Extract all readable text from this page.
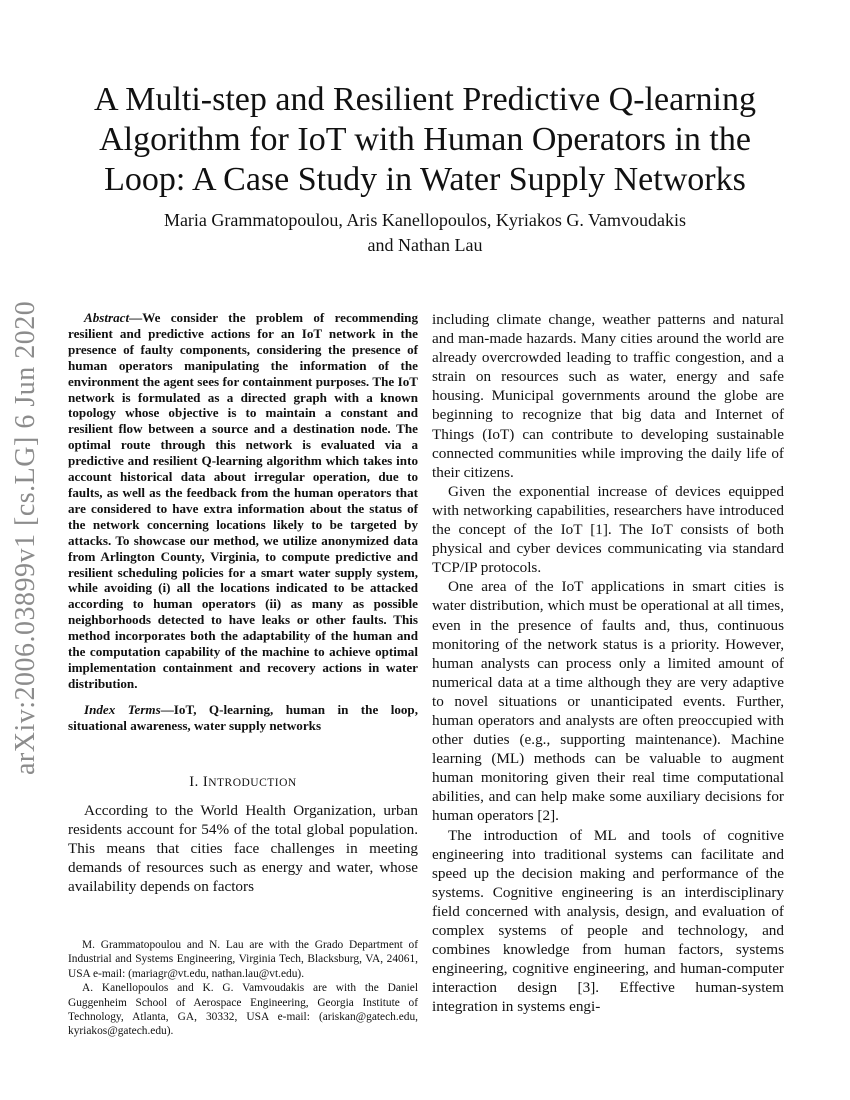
arXiv:2006.03899v1 [cs.LG] 6 Jun 2020
A Multi-step and Resilient Predictive Q-learning
Algorithm for IoT with Human Operators in the
Loop: A Case Study in Water Supply Networks
Maria Grammatopoulou, Aris Kanellopoulos, Kyriakos G. Vamvoudakis
and Nathan Lau

Abstract—We consider the problem of recommending resilient and predictive actions for an IoT network in the presence of faulty components, considering the presence of human operators manipulating the information of the environment the agent sees for containment purposes. The IoT network is formulated as a directed graph with a known topology whose objective is to maintain a constant and resilient flow between a source and a destination node. The optimal route through this network is evaluated via a predictive and resilient Q-learning algorithm which takes into account historical data about irregular operation, due to faults, as well as the feedback from the human operators that are considered to have extra information about the status of the network concerning locations likely to be targeted by attacks. To showcase our method, we utilize anonymized data from Arlington County, Virginia, to compute predictive and resilient scheduling policies for a smart water supply system, while avoiding (i) all the locations indicated to be attacked according to human operators (ii) as many as possible neighborhoods detected to have leaks or other faults. This method incorporates both the adaptability of the human and the computation capability of the machine to achieve optimal implementation containment and recovery actions in water distribution.

Index Terms—IoT, Q-learning, human in the loop, situational awareness, water supply networks

I. INTRODUCTION

According to the World Health Organization, urban residents account for 54% of the total global population. This means that cities face challenges in meeting demands of resources such as energy and water, whose availability depends on factors

M. Grammatopoulou and N. Lau are with the Grado Department of Industrial and Systems Engineering, Virginia Tech, Blacksburg, VA, 24061, USA e-mail: (mariagr@vt.edu, nathan.lau@vt.edu).

A. Kanellopoulos and K. G. Vamvoudakis are with the Daniel Guggenheim School of Aerospace Engineering, Georgia Institute of Technology, Atlanta, GA, 30332, USA e-mail: (ariskan@gatech.edu, kyriakos@gatech.edu).

including climate change, weather patterns and natural and man-made hazards. Many cities around the world are already overcrowded leading to traffic congestion, and a strain on resources such as water, energy and safe housing. Municipal governments around the globe are beginning to recognize that big data and Internet of Things (IoT) can contribute to developing sustainable connected communities while improving the daily life of their citizens.

Given the exponential increase of devices equipped with networking capabilities, researchers have introduced the concept of the IoT [1]. The IoT consists of both physical and cyber devices communicating via standard TCP/IP protocols.

One area of the IoT applications in smart cities is water distribution, which must be operational at all times, even in the presence of faults and, thus, continuous monitoring of the network status is a priority. However, human analysts can process only a limited amount of numerical data at a time although they are very adaptive to novel situations or unanticipated events. Further, human operators and analysts are often preoccupied with other duties (e.g., supporting maintenance). Machine learning (ML) methods can be valuable to augment human monitoring given their real time computational abilities, and can help make some auxiliary decisions for human operators [2].

The introduction of ML and tools of cognitive engineering into traditional systems can facilitate and speed up the decision making and performance of the systems. Cognitive engineering is an interdisciplinary field concerned with analysis, design, and evaluation of complex systems of people and technology, and combines knowledge from human factors, systems engineering, cognitive engineering, and human-computer interaction design [3]. Effective human-system integration in systems engi-
